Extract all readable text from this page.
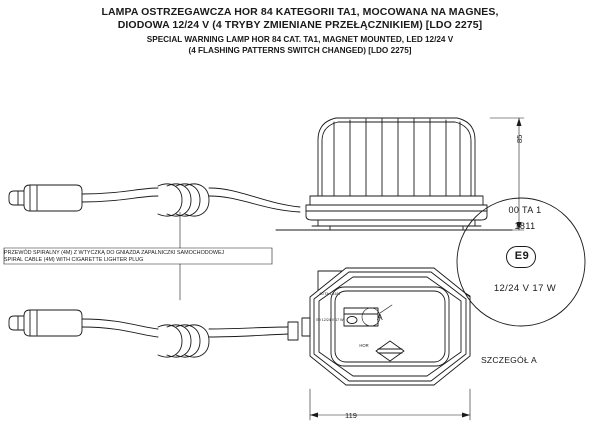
LAMPA OSTRZEGAWCZA HOR 84 KATEGORII TA1, MOCOWANA NA MAGNES,
DIODOWA 12/24 V (4 TRYBY ZMIENIANE PRZEŁĄCZNIKIEM) [LDO 2275]
SPECIAL WARNING LAMP HOR 84 CAT. TA1, MAGNET MOUNTED, LED 12/24 V
(4 FLASHING PATTERNS SWITCH CHANGED) [LDO 2275]
PRZEWÓD SPIRALNY (4M) Z WTYCZKĄ DO GNIAZDA ZAPALNICZKI SAMOCHODOWEJ
SPIRAL CABLE (4M) WITH CIGARETTE LIGHTER PLUG
119
85
00 TA 1
1811
E9
12/24 V 17 W
SZCZEGÓŁ A
00 TA 1 1811
E9 12/24 V 17 W
HOR
A
